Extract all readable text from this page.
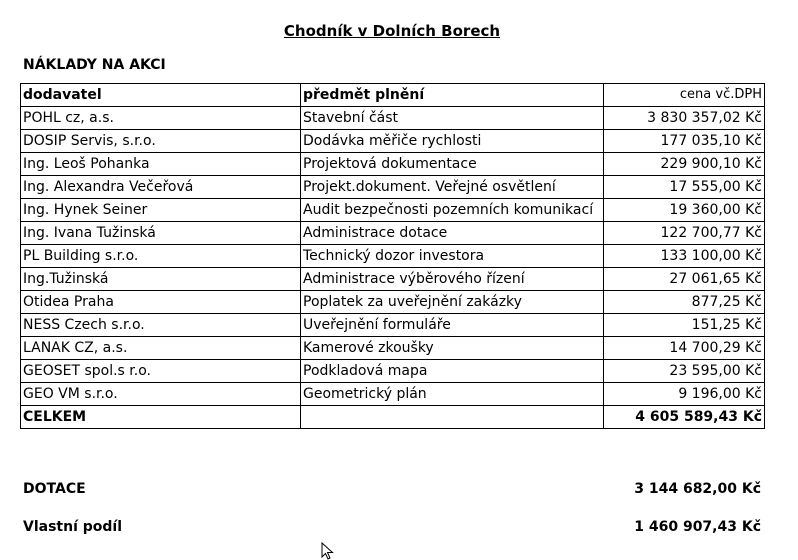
Chodník v Dolních Borech
NÁKLADY NA AKCI
dodavatel	předmět plnění	cena vč.DPH
POHL cz, a.s.	Stavební část	3 830 357,02 Kč
DOSIP Servis, s.r.o.	Dodávka měřiče rychlosti	177 035,10 Kč
Ing. Leoš Pohanka	Projektová dokumentace	229 900,10 Kč
Ing. Alexandra Večeřová	Projekt.dokument. Veřejné osvětlení	17 555,00 Kč
Ing. Hynek Seiner	Audit bezpečnosti pozemních komunikací	19 360,00 Kč
Ing. Ivana Tužinská	Administrace dotace	122 700,77 Kč
PL Building s.r.o.	Technický dozor investora	133 100,00 Kč
Ing.Tužinská	Administrace výběrového řízení	27 061,65 Kč
Otidea Praha	Poplatek za uveřejnění zakázky	877,25 Kč
NESS Czech s.r.o.	Uveřejnění formuláře	151,25 Kč
LANAK CZ, a.s.	Kamerové zkoušky	14 700,29 Kč
GEOSET spol.s r.o.	Podkladová mapa	23 595,00 Kč
GEO VM s.r.o.	Geometrický plán	9 196,00 Kč
CELKEM		4 605 589,43 Kč
DOTACE	3 144 682,00 Kč
Vlastní podíl	1 460 907,43 Kč
